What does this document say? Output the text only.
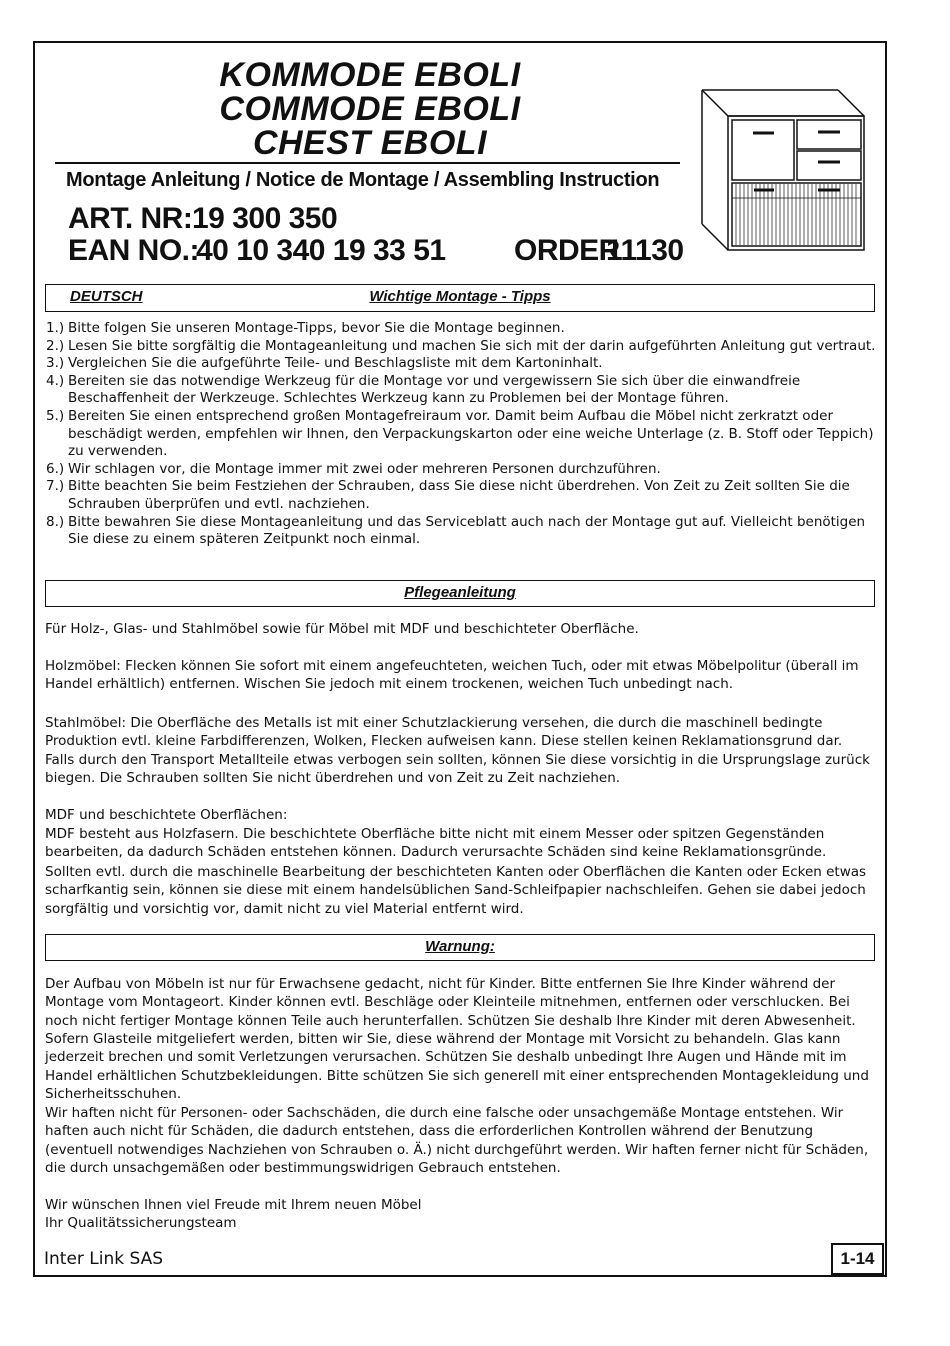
KOMMODE EBOLI
COMMODE EBOLI
CHEST EBOLI
Montage Anleitung / Notice de Montage / Assembling Instruction
ART. NR: 19 300 350
EAN NO.:
40 10 340 19 33 51 ORDER
11130
DEUTSCH	Wichtige Montage - Tipps
1.) Bitte folgen Sie unseren Montage-Tipps, bevor Sie die Montage beginnen.
2.) Lesen Sie bitte sorgfältig die Montageanleitung und machen Sie sich mit der darin aufgeführten Anleitung gut vertraut.
3.) Vergleichen Sie die aufgeführte Teile- und Beschlagsliste mit dem Kartoninhalt.
4.) Bereiten sie das notwendige Werkzeug für die Montage vor und vergewissern Sie sich über die einwandfreie Beschaffenheit der Werkzeuge. Schlechtes Werkzeug kann zu Problemen bei der Montage führen.
5.) Bereiten Sie einen entsprechend großen Montagefreiraum vor. Damit beim Aufbau die Möbel nicht zerkratzt oder beschädigt werden, empfehlen wir Ihnen, den Verpackungskarton oder eine weiche Unterlage (z. B. Stoff oder Teppich) zu verwenden.
6.) Wir schlagen vor, die Montage immer mit zwei oder mehreren Personen durchzuführen.
7.) Bitte beachten Sie beim Festziehen der Schrauben, dass Sie diese nicht überdrehen. Von Zeit zu Zeit sollten Sie die Schrauben überprüfen und evtl. nachziehen.
8.) Bitte bewahren Sie diese Montageanleitung und das Serviceblatt auch nach der Montage gut auf. Vielleicht benötigen Sie diese zu einem späteren Zeitpunkt noch einmal.
Pflegeanleitung

Für Holz-, Glas- und Stahlmöbel sowie für Möbel mit MDF und beschichteter Oberfläche.

Holzmöbel: Flecken können Sie sofort mit einem angefeuchteten, weichen Tuch, oder mit etwas Möbelpolitur (überall im Handel erhältlich) entfernen. Wischen Sie jedoch mit einem trockenen, weichen Tuch unbedingt nach.

Stahlmöbel: Die Oberfläche des Metalls ist mit einer Schutzlackierung versehen, die durch die maschinell bedingte Produktion evtl. kleine Farbdifferenzen, Wolken, Flecken aufweisen kann. Diese stellen keinen Reklamationsgrund dar.

Falls durch den Transport Metallteile etwas verbogen sein sollten, können Sie diese vorsichtig in die Ursprungslage zurück biegen. Die Schrauben sollten Sie nicht überdrehen und von Zeit zu Zeit nachziehen.

MDF und beschichtete Oberflächen:

MDF besteht aus Holzfasern. Die beschichtete Oberfläche bitte nicht mit einem Messer oder spitzen Gegenständen bearbeiten, da dadurch Schäden entstehen können. Dadurch verursachte Schäden sind keine Reklamationsgründe.

Sollten evtl. durch die maschinelle Bearbeitung der beschichteten Kanten oder Oberflächen die Kanten oder Ecken etwas scharfkantig sein, können sie diese mit einem handelsüblichen Sand-Schleifpapier nachschleifen. Gehen sie dabei jedoch sorgfältig und vorsichtig vor, damit nicht zu viel Material entfernt wird.

Warnung:

Der Aufbau von Möbeln ist nur für Erwachsene gedacht, nicht für Kinder. Bitte entfernen Sie Ihre Kinder während der Montage vom Montageort. Kinder können evtl. Beschläge oder Kleinteile mitnehmen, entfernen oder verschlucken. Bei noch nicht fertiger Montage können Teile auch herunterfallen. Schützen Sie deshalb Ihre Kinder mit deren Abwesenheit.

Sofern Glasteile mitgeliefert werden, bitten wir Sie, diese während der Montage mit Vorsicht zu behandeln. Glas kann jederzeit brechen und somit Verletzungen verursachen. Schützen Sie deshalb unbedingt Ihre Augen und Hände mit im Handel erhältlichen Schutzbekleidungen. Bitte schützen Sie sich generell mit einer entsprechenden Montagekleidung und Sicherheitsschuhen.

Wir haften nicht für Personen- oder Sachschäden, die durch eine falsche oder unsachgemäße Montage entstehen. Wir haften auch nicht für Schäden, die dadurch entstehen, dass die erforderlichen Kontrollen während der Benutzung (eventuell notwendiges Nachziehen von Schrauben o. Ä.) nicht durchgeführt werden. Wir haften ferner nicht für Schäden, die durch unsachgemäßen oder bestimmungswidrigen Gebrauch entstehen.

Wir wünschen Ihnen viel Freude mit Ihrem neuen Möbel

Ihr Qualitätssicherungsteam

Inter Link SAS	1-14
